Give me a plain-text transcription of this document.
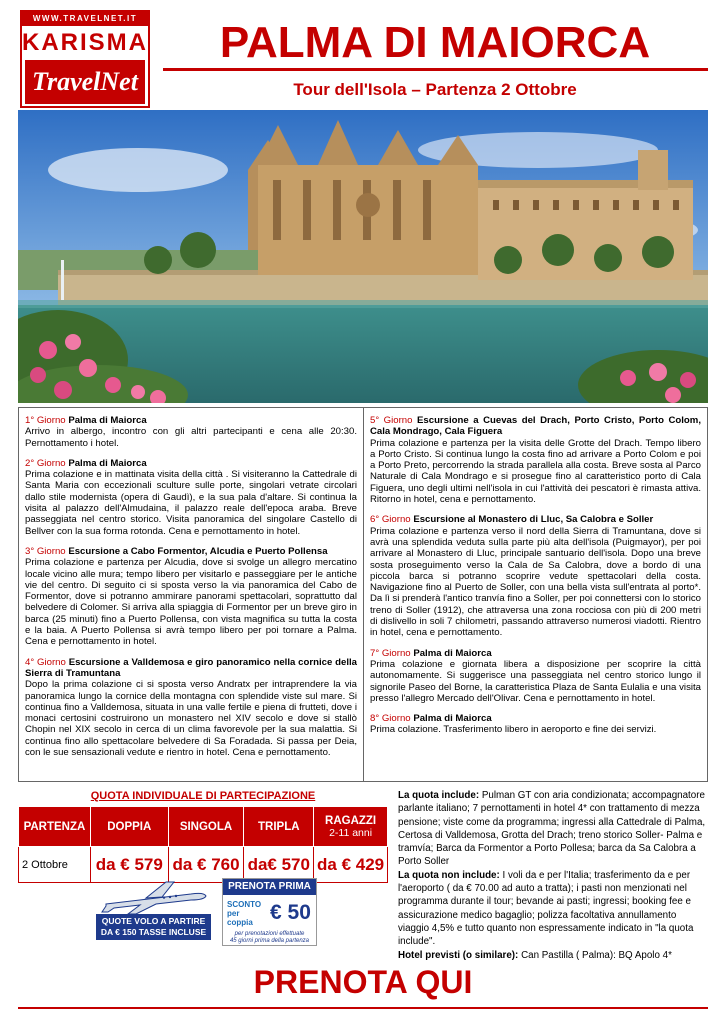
WWW.TRAVELNET.IT
KARISMA
TravelNet
PALMA DI MAIORCA
Tour dell'Isola – Partenza 2 Ottobre
1° Giorno Palma di Maiorca
Arrivo in albergo, incontro con gli altri partecipanti e cena alle 20:30. Pernottamento i hotel.
2° Giorno Palma di Maiorca
Prima colazione e in mattinata visita della città . Si visiteranno la Cattedrale di Santa Maria con eccezionali sculture sulle porte, singolari vetrate circolari dallo stile modernista (opera di Gaudì), e la sua pala d'altare. Si continua la visita al palazzo dell'Almudaina, il palazzo reale dell'epoca araba. Breve passeggiata nel centro storico. Visita panoramica del singolare Castello di Bellver con la sua forma rotonda. Cena e pernottamento in hotel.
3° Giorno Escursione a Cabo Formentor, Alcudia e Puerto Pollensa
Prima colazione e partenza per Alcudia, dove si svolge un allegro mercatino locale vicino alle mura; tempo libero per visitarlo e passeggiare per le antiche vie del centro. Di seguito ci si sposta verso la via panoramica del Cabo de Formentor, dove si potranno ammirare panorami spettacolari, soprattutto dal belvedere di Colomer. Si arriva alla spiaggia di Formentor per un breve giro in barca (25 minuti) fino a Puerto Pollensa, con vista magnifica su tutta la costa e la baia. A Puerto Pollensa si avrà tempo libero per poi tornare a Palma. Cena e pernottamento in hotel.
4° Giorno Escursione a Valldemosa e giro panoramico nella cornice della Sierra di Tramuntana
Dopo la prima colazione ci si sposta verso Andratx per intraprendere la via panoramica lungo la cornice della montagna con splendide viste sul mare. Si continua fino a Valldemosa, situata in una valle fertile e piena di frutteti, dove i monaci certosini costruirono un monastero nel XIV secolo e dove si stallò Chopin nel XIX secolo in cerca di un clima favorevole per la sua malattia. Si continua fino allo spettacolare belvedere di Sa Foradada. Si passa per Deia, con le sue sensazionali vedute e rientro in hotel. Cena e pernottamento.
5° Giorno Escursione a Cuevas del Drach, Porto Cristo, Porto Colom, Cala Mondrago, Cala Figuera
Prima colazione e partenza per la visita delle Grotte del Drach. Tempo libero a Porto Cristo. Si continua lungo la costa fino ad arrivare a Porto Colom e poi a Porto Preto, percorrendo la strada parallela alla costa. Breve sosta al Parco Naturale di Cala Mondrago e si prosegue fino al caratteristico porto di Cala Figuera, uno degli ultimi nell'isola in cui l'attività dei pescatori è rimasta attiva. Ritorno in hotel, cena e pernottamento.
6° Giorno Escursione al Monastero di Lluc, Sa Calobra e Soller
Prima colazione e partenza verso il nord della Sierra di Tramuntana, dove si avrà una splendida veduta sulla parte più alta dell'isola (Puigmayor), per poi arrivare al Monastero di Lluc, principale santuario dell'isola. Dopo una breve sosta proseguimento verso la Cala de Sa Calobra, dove a bordo di una piccola barca si potranno scoprire vedute spettacolari della costa. Navigazione fino al Puerto de Soller, con una bella vista sull'entrata al porto*. Da lì si prenderà l'antico tranvía fino a Soller, per poi connettersi con lo storico treno di Soller (1912), che attraversa una zona rocciosa con più di 200 metri di dislivello in soli 7 chilometri, passando attraverso numerosi viadotti. Rientro in hotel, cena e pernottamento.
7° Giorno Palma di Maiorca
Prima colazione e giornata libera a disposizione per scoprire la città autonomamente. Si suggerisce una passeggiata nel centro storico lungo il signorile Paseo del Borne, la caratteristica Plaza de Santa Eulalia e una visita presso l'allegro Mercado dell'Olivar. Cena e pernottamento in hotel.
8° Giorno Palma di Maiorca
Prima colazione. Trasferimento libero in aeroporto e fine dei servizi.
QUOTA INDIVIDUALE DI PARTECIPAZIONE
PARTENZA	DOPPIA	SINGOLA	TRIPLA	RAGAZZI
2-11 anni

2 Ottobre	da € 579	da € 760	da€ 570	da € 429
QUOTE VOLO A PARTIRE
DA € 150 TASSE INCLUSE
PRENOTA PRIMA
SCONTO
per coppia € 50
per prenotazioni effettuate
45 giorni prima della partenza
La quota include: Pulman GT con aria condizionata; accompagnatore parlante italiano; 7 pernottamenti in hotel 4* con trattamento di mezza pensione; viste come da programma; ingressi alla Cattedrale di Palma, Certosa di Valldemosa, Grotta del Drach; treno storico Soller- Palma e tramvía; Barca da Formentor a Porto Pollesa; barca da Sa Calobra a Porto Soller
La quota non include: I voli da e per l'Italia; trasferimento da e per l'aeroporto ( da € 70.00 ad auto a tratta); i pasti non menzionati nel programma durante il tour; bevande ai pasti; ingressi; booking fee e assicurazione medico bagaglio; polizza facoltativa annullamento viaggio 4,5% e tutto quanto non espressamente indicato in "la quota include".
Hotel previsti (o similare): Can Pastilla ( Palma): BQ Apolo 4*
PRENOTA QUI
